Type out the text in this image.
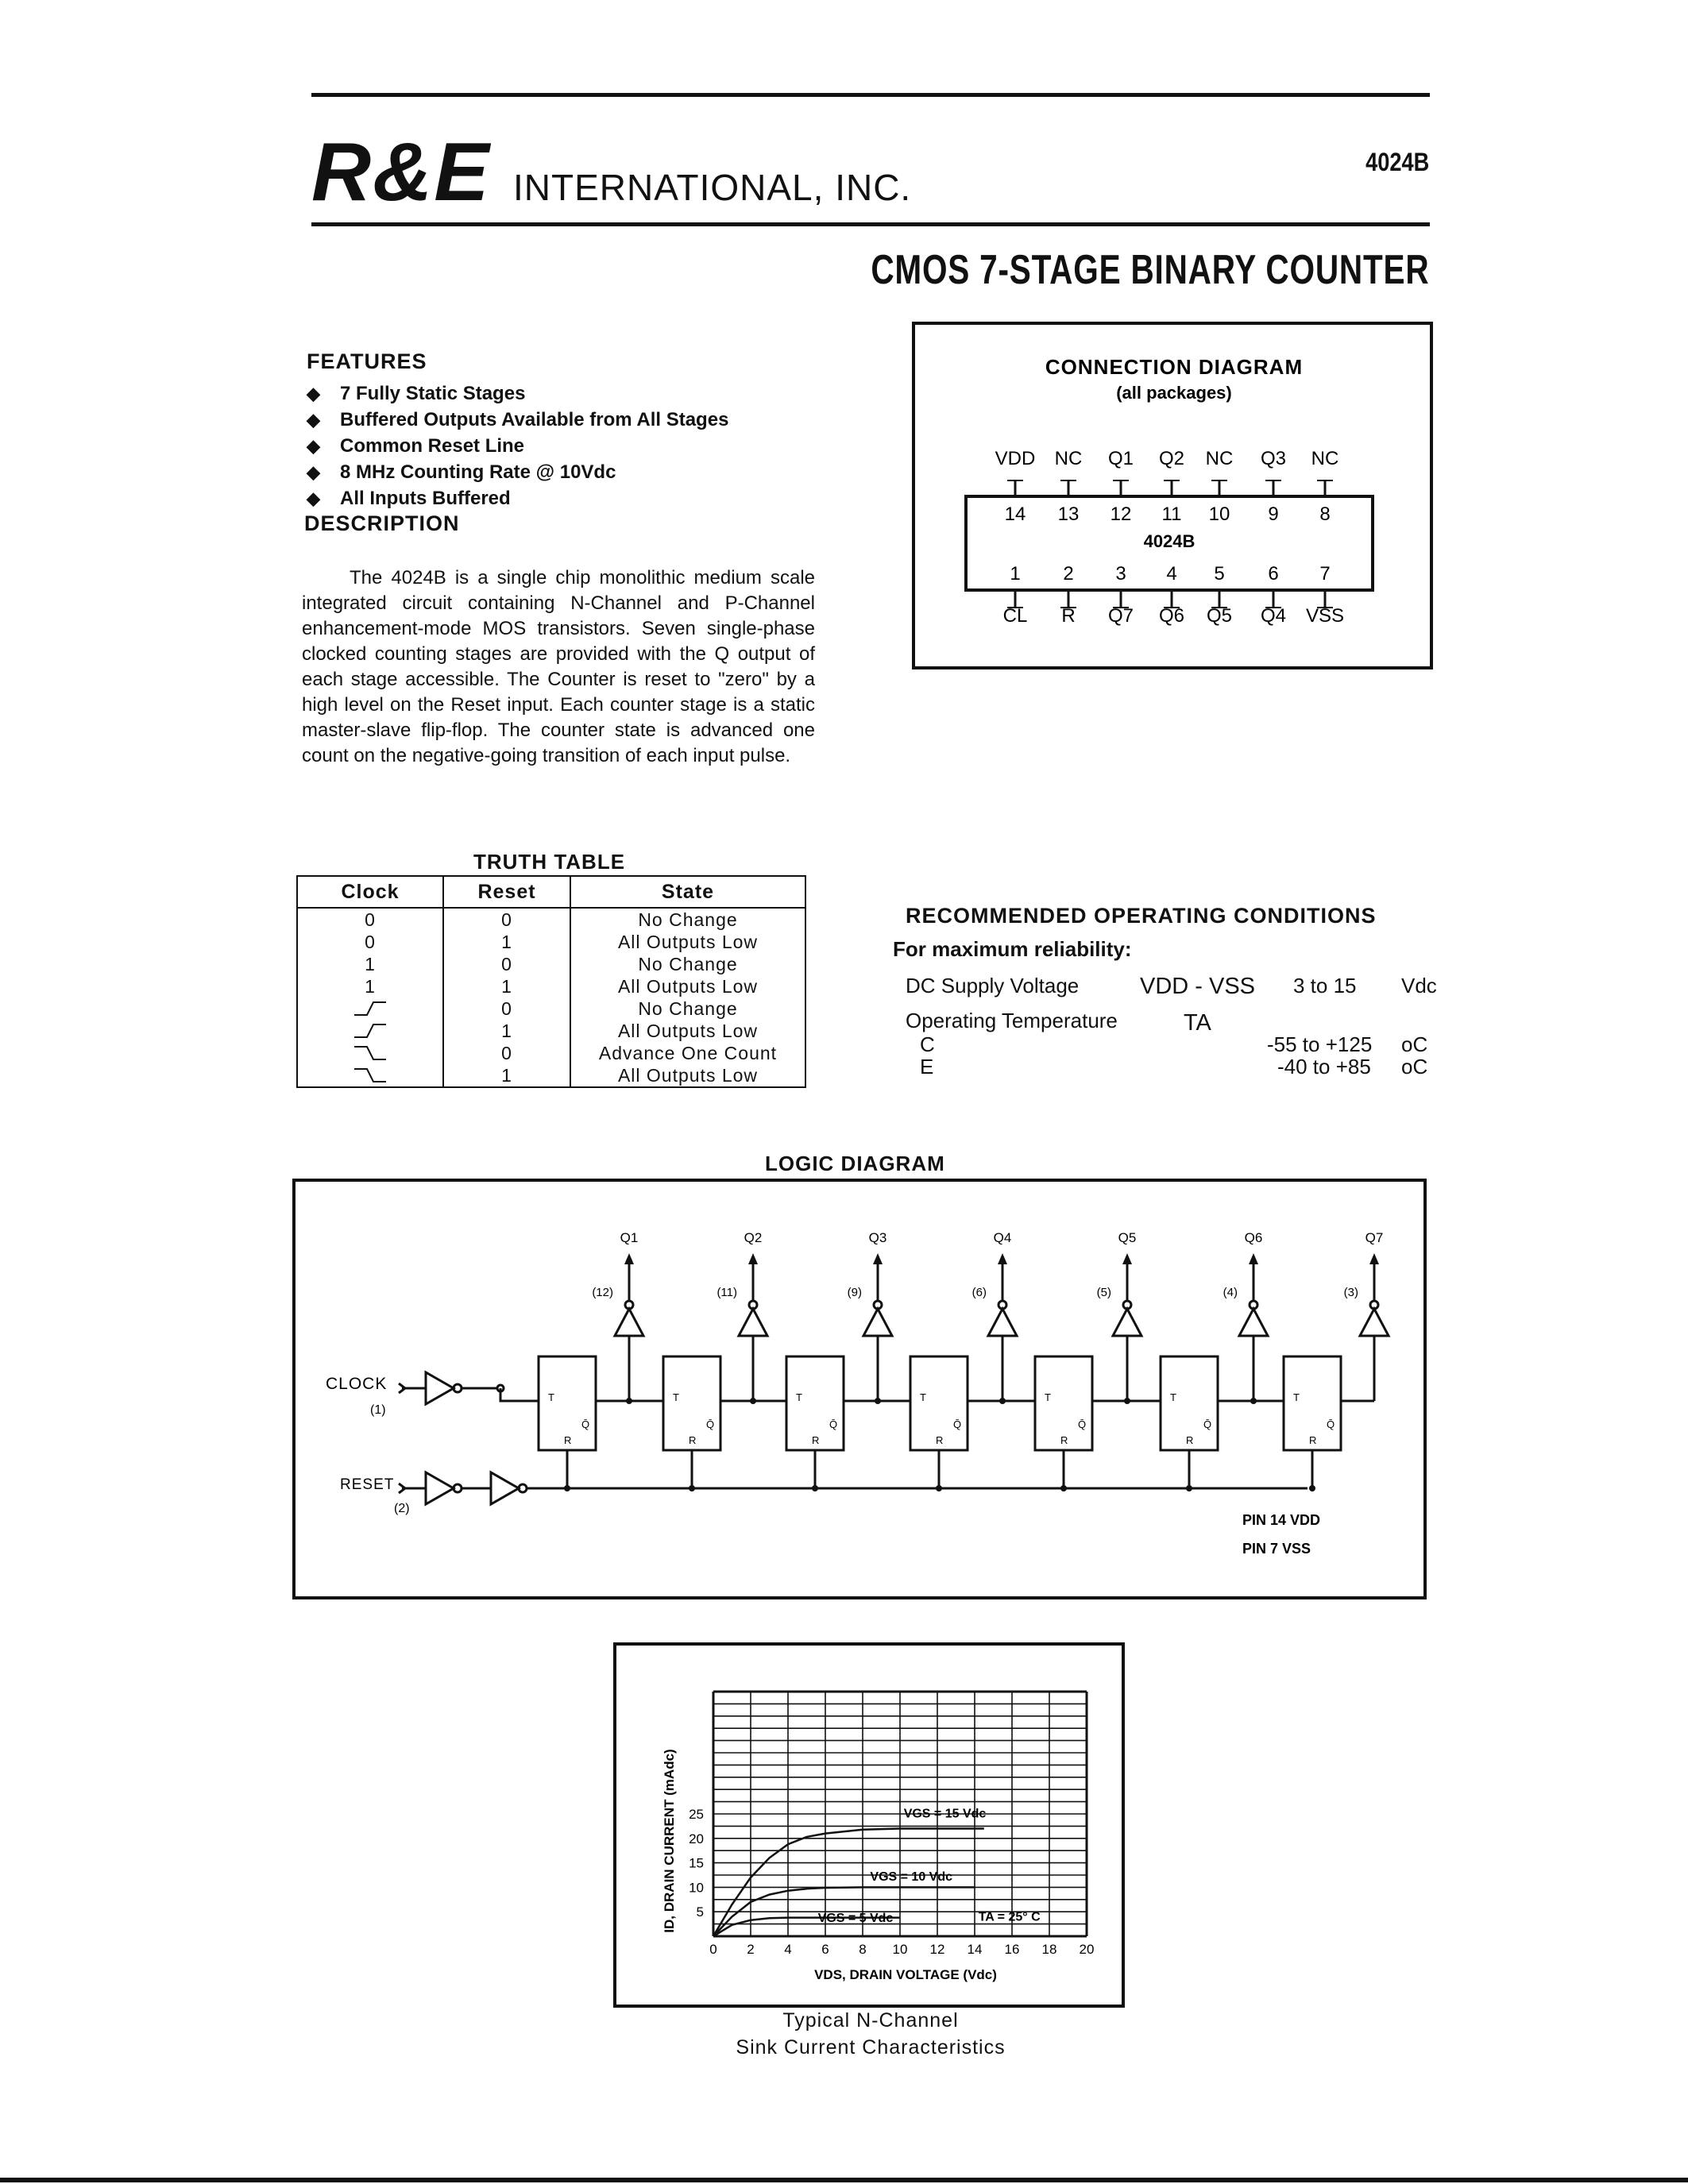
R&E INTERNATIONAL, INC.
4024B
CMOS 7-STAGE BINARY COUNTER
FEATURES
◆ 7 Fully Static Stages
◆ Buffered Outputs Available from All Stages
◆ Common Reset Line
◆ 8 MHz Counting Rate @ 10Vdc
◆ All Inputs Buffered
DESCRIPTION
The 4024B is a single chip monolithic medium scale integrated circuit containing N-Channel and P-Channel enhancement-mode MOS transistors. Seven single-phase clocked counting stages are provided with the Q output of each stage accessible. The Counter is reset to "zero" by a high level on the Reset input. Each counter stage is a static master-slave flip-flop. The counter state is advanced one count on the negative-going transition of each input pulse.
CONNECTION DIAGRAM
(all packages)
4024B
14
VDD
13
NC
12
Q1
11
Q2
10
NC
9
Q3
8
NC
1
CL
2
R
3
Q7
4
Q6
5
Q5
6
Q4
7
VSS
TRUTH TABLE
Clock	Reset	State
0	0	No Change
0	1	All Outputs Low
1	0	No Change
1	1	All Outputs Low
	0	No Change
	1	All Outputs Low
	0	Advance One Count
	1	All Outputs Low
RECOMMENDED OPERATING CONDITIONS
For maximum reliability:
DC Supply Voltage	VDD - VSS 3 to 15 Vdc
Operating Temperature	TA
C	-55 to +125 oC
E	-40 to +85 oC
LOGIC DIAGRAM
CLOCK
(1)
RESET
(2)
PIN 14 VDD
PIN 7 VSS
T
Q̄
R
Q1
(12)
T
Q̄
R
Q2
(11)
T
Q̄
R
Q3
(9)
T
Q̄
R
Q4
(6)
T
Q̄
R
Q5
(5)
T
Q̄
R
Q6
(4)
T
Q̄
R
Q7
(3)
0 2 4 6 8 10 12 14 16 18 20
5
10
15
20
25
VDS, DRAIN VOLTAGE (Vdc)
ID, DRAIN CURRENT (mAdc)	VGS = 15 Vdc
VGS = 10 Vdc
VGS = 5 Vdc	TA = 25° C
Typical N-Channel
Sink Current Characteristics
